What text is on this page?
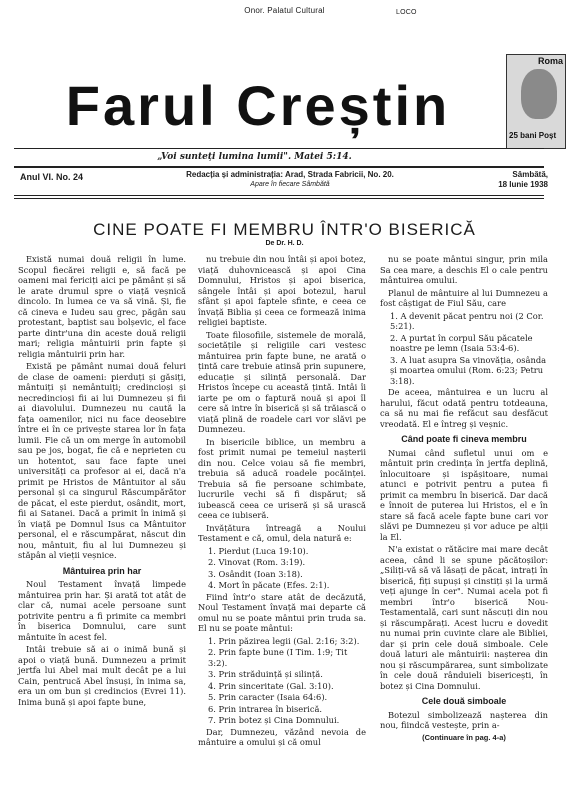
Onor. Palatul Cultural	LOCO
Roma
25 bani Poșt
Farul Creștin
„Voi sunteți lumina lumii". Matei 5:14.
Anul VI. No. 24	Redacția și administrația: Arad, Strada Fabricii, No. 20.
Apare în fiecare Sâmbătă
Sâmbătă,
18 Iunie 1938
CINE POATE FI MEMBRU ÎNTR'O BISERICĂ
De Dr. H. D.

Există numai două religii în lume. Scopul fiecărei religii e, să facă pe oameni mai fericiți aici pe pământ și să le arate drumul spre o viață veșnică dincolo. In lumea ce va să vină. Și, fie că cineva e Iudeu sau grec, păgân sau protestant, baptist sau bolșevic, el face parte dintr'una din aceste două religii mari; religia mântuirii prin fapte și religia mântuirii prin har.

Există pe pământ numai două feluri de clase de oameni: pierduți și găsiți, mântuiți și nemântuiți; credincioși și necredincioși fii ai lui Dumnezeu și fii ai diavolului. Dumnezeu nu caută la fața oamenilor, nici nu face deosebire între ei în ce privește starea lor în fața lumii. Fie că un om merge în automobil sau pe jos, bogat, fie că e neprieten cu un hotentot, sau face fapte unei universități ca profesor ai ei, dacă n'a primit pe Hristos de Mântuitor al său personal și ca singurul Răscumpărător de păcat, el este pierdut, osândit, mort, fii ai Satanei. Dacă a primit în inimă și în viață pe Domnul Isus ca Mântuitor personal, el e răscumpărat, născut din nou, mântuit, fiu al lui Dumnezeu și stăpân al vieții veșnice.

Mântuirea prin har

Noul Testament învață limpede mântuirea prin har. Și arată tot atât de clar că, numai acele persoane sunt potrivite pentru a fi primite ca membri în biserica Domnului, care sunt mântuite în acest fel.

Intâi trebuie să ai o inimă bună și apoi o viață bună. Dumnezeu a primit jertfa lui Abel mai mult decât pe a lui Cain, pentrucă Abel însuși, în inima sa, era un om bun și credincios (Evrei 11). Inima bună și apoi fapte bune,

nu trebuie din nou întâi și apoi botez, viață duhovnicească și apoi Cina Domnului, Hristos și apoi biserica, sângele întâi și apoi botezul, harul sfânt și apoi faptele sfinte, e ceea ce învață Biblia și ceea ce formează inima religiei baptiste.

Toate filosofiile, sistemele de morală, societățile și religiile cari vestesc mântuirea prin fapte bune, ne arată o țintă care trebuie atinsă prin supunere, educație și silință personală. Dar Hristos începe cu această țintă. Intâi îi iarte pe om o faptură nouă și apoi îl cere să intre în biserică și să trăiască o viață plină de roadele cari vor slăvi pe Dumnezeu.

In bisericile biblice, un membru a fost primit numai pe temeiul nașterii din nou. Celce voiau să fie membri, trebuia să aducă roadele pocăinței. Trebuia să fie persoane schimbate, lucrurile vechi să fi dispărut; să iubească ceea ce uriseră și să urască ceea ce iubiseră.

Invățătura întreagă a Noului Testament e că, omul, dela natură e:

1. Pierdut (Luca 19:10).
2. Vinovat (Rom. 3:19).
3. Osândit (Ioan 3:18).
4. Mort în păcate (Efes. 2:1).

Fiind într'o stare atât de decăzută, Noul Testament învață mai departe că omul nu se poate mântui prin truda sa. El nu se poate mântui:

1. Prin păzirea legii (Gal. 2:16; 3:2).
2. Prin fapte bune (I Tim. 1:9; Tit 3:2).
3. Prin străduință și silință.
4. Prin sinceritate (Gal. 3:10).
5. Prin caracter (Isaia 64:6).
6. Prin intrarea în biserică.
7. Prin botez și Cina Domnului.

Dar, Dumnezeu, văzând nevoia de mântuire a omului și că omul

nu se poate mântui singur, prin mila Sa cea mare, a deschis El o cale pentru mântuirea omului.

Planul de mântuire al lui Dumnezeu a fost câștigat de Fiul Său, care

1. A devenit păcat pentru noi (2 Cor. 5:21).
2. A purtat în corpul Său păcatele noastre pe lemn (Isaia 53:4-6).
3. A luat asupra Sa vinovăția, osânda și moartea omului (Rom. 6:23; Petru 3:18).

De aceea, mântuirea e un lucru al harului, făcut odată pentru totdeauna, ca să nu mai fie refăcut sau desfăcut vreodată. El e întreg și veșnic.

Când poate fi cineva membru

Numai când sufletul unui om e mântuit prin credința în jertfa deplină, înlocuitoare și ispășitoare, numai atunci e potrivit pentru a putea fi primit ca membru în biserică. Dar dacă e înnoit de puterea lui Hristos, el e în stare să facă acele fapte bune cari vor slăvi pe Dumnezeu și vor aduce pe alții la El.

N'a existat o rătăcire mai mare decât aceea, când li se spune păcătoșilor: „Siliți-vă să vă lăsați de păcat, intrați în biserică, fiți supuși și cinstiți și la urmă veți ajunge în cer". Numai acela pot fi membri într'o biserică Nou-Testamentală, cari sunt născuți din nou și răscumpărați. Acest lucru e dovedit nu numai prin cuvinte clare ale Bibliei, dar și prin cele două simboale. Cele două laturi ale mântuirii: nașterea din nou și răscumpărarea, sunt simbolizate în cele două rânduieli bisericești, în botez și Cina Domnului.

Cele două simboale

Botezul simbolizează nașterea din nou, fiindcă vestește, prin a-

(Continuare în pag. 4-a)
